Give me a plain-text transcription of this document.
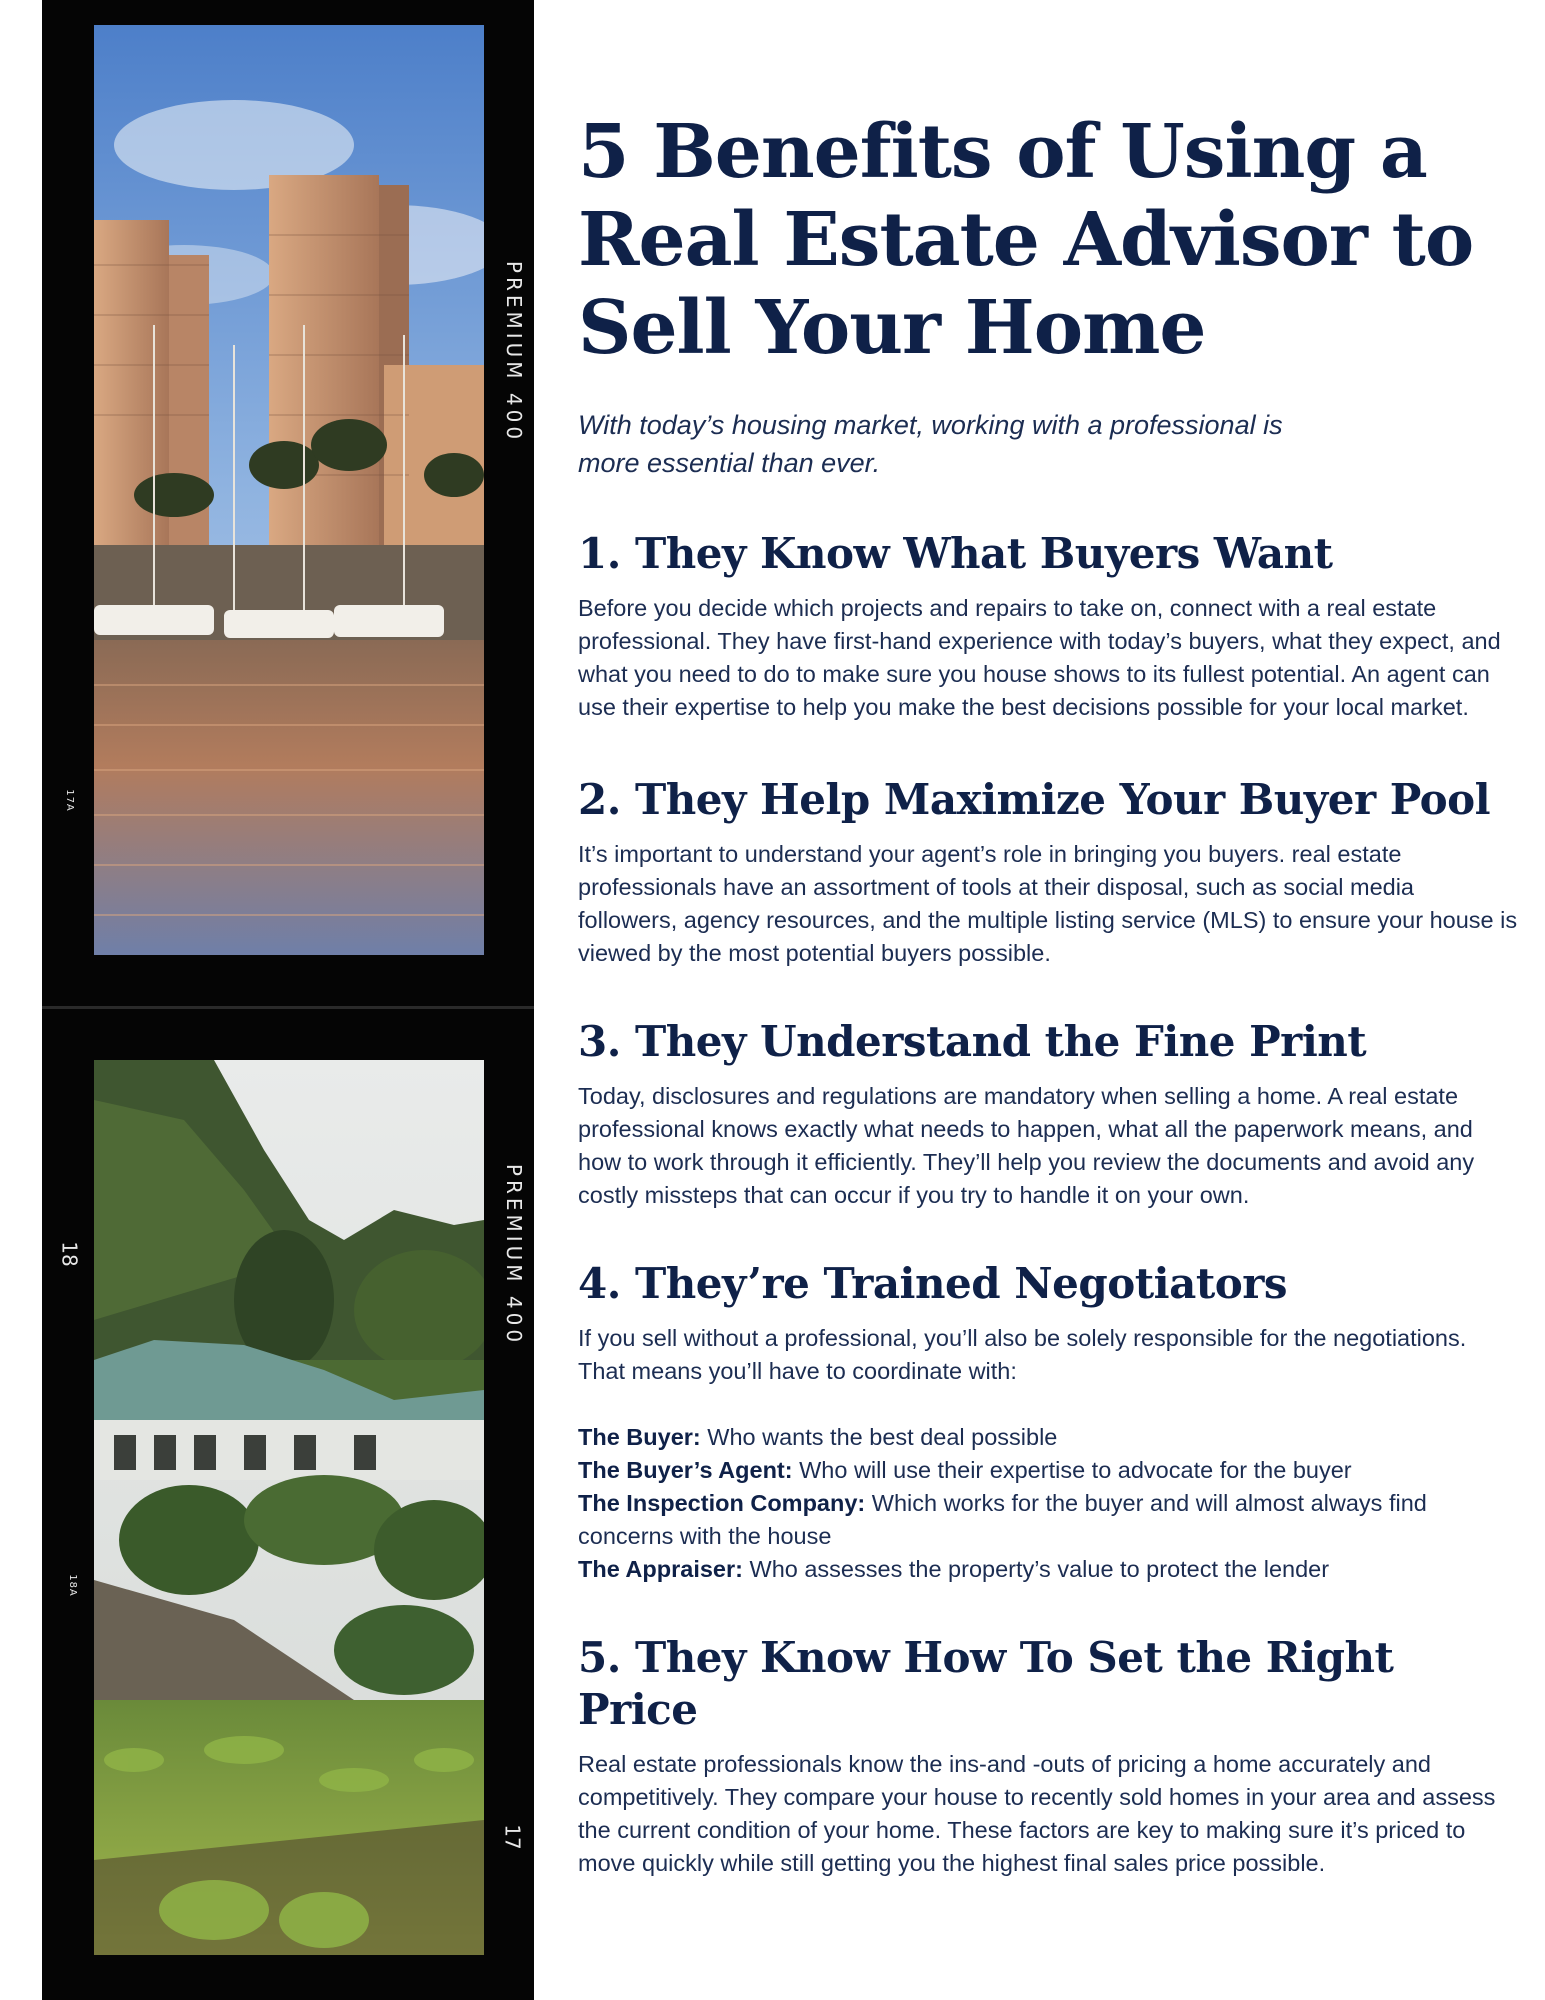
PREMIUM 400
17A
PREMIUM 400
18
18A
17
5 Benefits of Using a Real Estate Advisor to Sell Your Home

With today’s housing market, working with a professional is more essential than ever.

1. They Know What Buyers Want

Before you decide which projects and repairs to take on, connect with a real estate professional. They have first-hand experience with today’s buyers, what they expect, and what you need to do to make sure you house shows to its fullest potential. An agent can use their expertise to help you make the best decisions possible for your local market.

2. They Help Maximize Your Buyer Pool

It’s important to understand your agent’s role in bringing you buyers. real estate professionals have an assortment of tools at their disposal, such as social media followers, agency resources, and the multiple listing service (MLS) to ensure your house is viewed by the most potential buyers possible.

3. They Understand the Fine Print

Today, disclosures and regulations are mandatory when selling a home. A real estate professional knows exactly what needs to happen, what all the paperwork means, and how to work through it efficiently. They’ll help you review the documents and avoid any costly missteps that can occur if you try to handle it on your own.

4. They’re Trained Negotiators

If you sell without a professional, you’ll also be solely responsible for the negotiations. That means you’ll have to coordinate with:

The Buyer: Who wants the best deal possible
The Buyer’s Agent: Who will use their expertise to advocate for the buyer
The Inspection Company: Which works for the buyer and will almost always find concerns with the house
The Appraiser: Who assesses the property’s value to protect the lender
5. They Know How To Set the Right Price

Real estate professionals know the ins-and -outs of pricing a home accurately and competitively. They compare your house to recently sold homes in your area and assess the current condition of your home. These factors are key to making sure it’s priced to move quickly while still getting you the highest final sales price possible.
